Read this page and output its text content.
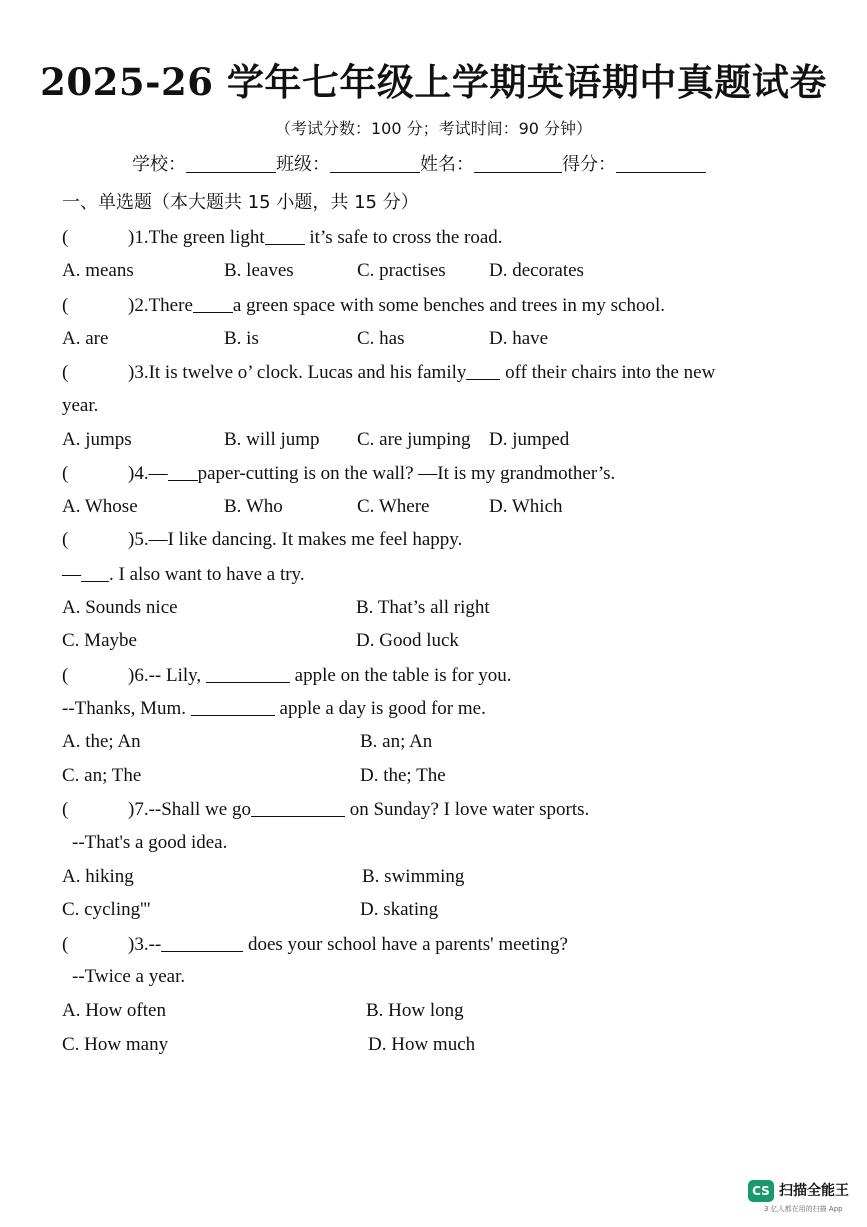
2025-26 学年七年级上学期英语期中真题试卷
（考试分数：100 分；考试时间：90 分钟）
学校：	班级：	姓名：	得分：
一、单选题（本大题共 15 小题，共 15 分）
(	)1.The green light it’s safe to cross the road.
A. means	B. leaves	C. practises D. decorates
(	)2.There a green space with some benches and trees in my school.
A. are	B. is	C. has	D. have
(	)3.It is twelve o’ clock. Lucas and his family off their chairs into the new
year.
A. jumps	B. will jump C. are jumping D. jumped
(	)4.— paper-cutting is on the wall? —It is my grandmother’s.
A. Whose	B. Who	C. Where	D. Which
(	)5.—I like dancing. It makes me feel happy.
— . I also want to have a try.
A. Sounds nice	B. That’s all right
C. Maybe	D. Good luck
(	)6.-- Lily,	apple on the table is for you.
--Thanks, Mum.	apple a day is good for me.
A. the; An	B. an; An
C. an; The	D. the; The
(	)7.--Shall we go	on Sunday? I love water sports.
--That's a good idea.
A. hiking	B. swimming
C. cycling'''	D. skating
(	)3.--	does your school have a parents' meeting?
--Twice a year.
A. How often	B. How long
C. How many	D. How much
CS 扫描全能王
3 亿人都在用的扫描 App
